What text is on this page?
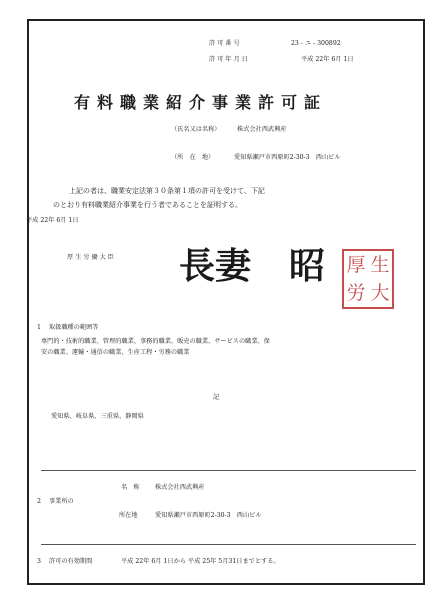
許 可 番 号	23 - ユ - 300892
許 可 年 月 日	平成 22年 6月 1日
有料職業紹介事業許可証
（氏名又は名称）	株式会社西武興産
（所　在　地）	愛知県瀬戸市西原町2-30-3　西山ビル
上記の者は、職業安定法第３０条第１項の許可を受けて、下記
のとおり有料職業紹介事業を行う者であることを証明する。
平成 22年 6月 1日
厚 生 労 働 大 臣 長妻 昭 厚 生
労 大
1 取扱職種の範囲等
専門的・技術的職業、管理的職業、事務的職業、販売の職業、サービスの職業、保
安の職業、運輸・通信の職業、生産工程・労務の職業
記
愛知県、岐阜県、三重県、静岡県
名　称 株式会社西武興産
2 事業所の
所在地	愛知県瀬戸市西原町2-30-3　西山ビル
3 許可の有効期間	平成 22年 6月 1日から 平成 25年 5月31日までとする。
